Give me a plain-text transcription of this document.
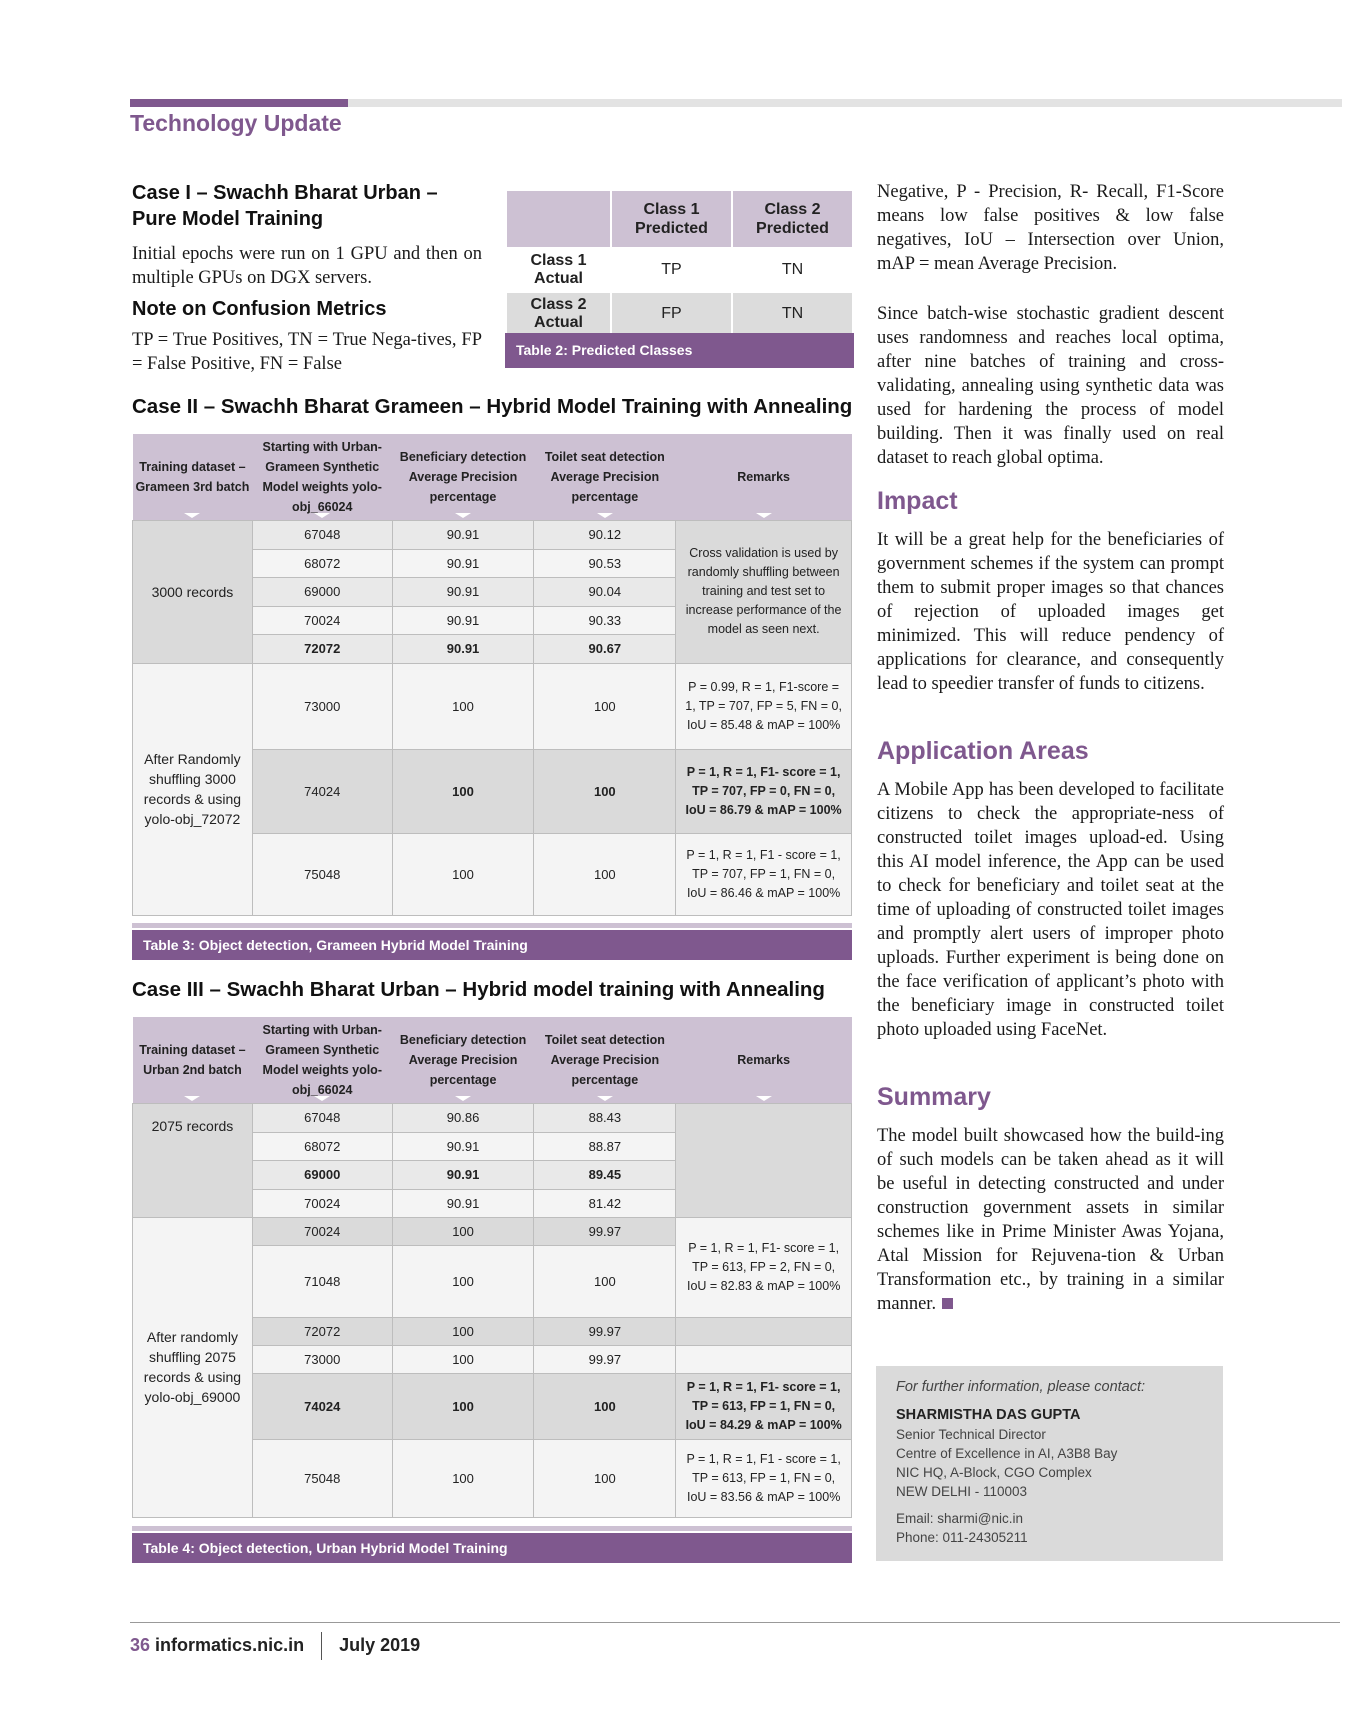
Technology Update
Case I – Swachh Bharat Urban –
Pure Model Training

Initial epochs were run on 1 GPU and then on multiple GPUs on DGX servers.

Note on Confusion Metrics

TP = True Positives, TN = True Nega-tives, FP = False Positive, FN = False

	Class 1 Predicted	Class 2 Predicted
Class 1 Actual	TP	TN
Class 2 Actual	FP	TN
Table 2: Predicted Classes
Case II – Swachh Bharat Grameen – Hybrid Model Training with Annealing
Training dataset – Grameen 3rd batch	Starting with Urban-Grameen Synthetic Model weights yolo-obj_66024	Beneficiary detection Average Precision percentage	Toilet seat detection Average Precision percentage	Remarks

3000 records	67048	90.91	90.12	Cross validation is used by randomly shuffling between training and test set to increase performance of the model as seen next.
	68072	90.91	90.53	
	69000	90.91	90.04	
	70024	90.91	90.33	
	72072	90.91	90.67	
After Randomly shuffling 3000 records & using yolo-obj_72072	73000	100	100	P = 0.99, R = 1, F1-score = 1, TP = 707, FP = 5, FN = 0, IoU = 85.48 & mAP = 100%
	74024	100	100	P = 1, R = 1, F1- score = 1, TP = 707, FP = 0, FN = 0, IoU = 86.79 & mAP = 100%
	75048	100	100	P = 1, R = 1, F1 - score = 1, TP = 707, FP = 1, FN = 0, IoU = 86.46 & mAP = 100%
Table 3: Object detection, Grameen Hybrid Model Training
Case III – Swachh Bharat Urban – Hybrid model training with Annealing
Training dataset – Urban 2nd batch	Starting with Urban-Grameen Synthetic Model weights yolo- obj_66024	Beneficiary detection Average Precision percentage	Toilet seat detection Average Precision percentage	Remarks

2075 records	67048	90.86	88.43	
	68072	90.91	88.87	
	69000	90.91	89.45	
	70024	90.91	81.42	
After randomly shuffling 2075 records & using yolo-obj_69000	70024	100	99.97	P = 1, R = 1, F1- score = 1, TP = 613, FP = 2, FN = 0, IoU = 82.83 & mAP = 100%
	71048	100	100	
	72072	100	99.97	
	73000	100	99.97	
	74024	100	100	P = 1, R = 1, F1- score = 1, TP = 613, FP = 1, FN = 0, IoU = 84.29 & mAP = 100%
	75048	100	100	P = 1, R = 1, F1 - score = 1, TP = 613, FP = 1, FN = 0, IoU = 83.56 & mAP = 100%
Table 4: Object detection, Urban Hybrid Model Training

Negative, P - Precision, R- Recall, F1-Score means low false positives & low false negatives, IoU – Intersection over Union, mAP = mean Average Precision.

Since batch-wise stochastic gradient descent uses randomness and reaches local optima, after nine batches of training and cross-validating, annealing using synthetic data was used for hardening the process of model building. Then it was finally used on real dataset to reach global optima.

Impact

It will be a great help for the beneficiaries of government schemes if the system can prompt them to submit proper images so that chances of rejection of uploaded images get minimized. This will reduce pendency of applications for clearance, and consequently lead to speedier transfer of funds to citizens.

Application Areas

A Mobile App has been developed to facilitate citizens to check the appropriate-ness of constructed toilet images upload-ed. Using this AI model inference, the App can be used to check for beneficiary and toilet seat at the time of uploading of constructed toilet images and promptly alert users of improper photo uploads. Further experiment is being done on the face verification of applicant’s photo with the beneficiary image in constructed toilet photo uploaded using FaceNet.

Summary

The model built showcased how the build-ing of such models can be taken ahead as it will be useful in detecting constructed and under construction government assets in similar schemes like in Prime Minister Awas Yojana, Atal Mission for Rejuvena-tion & Urban Transformation etc., by training in a similar manner.

For further information, please contact:
SHARMISTHA DAS GUPTA
Senior Technical Director
Centre of Excellence in AI, A3B8 Bay
NIC HQ, A-Block, CGO Complex
NEW DELHI - 110003
Email: sharmi@nic.in
Phone: 011-24305211
36 informatics.nic.in July 2019
